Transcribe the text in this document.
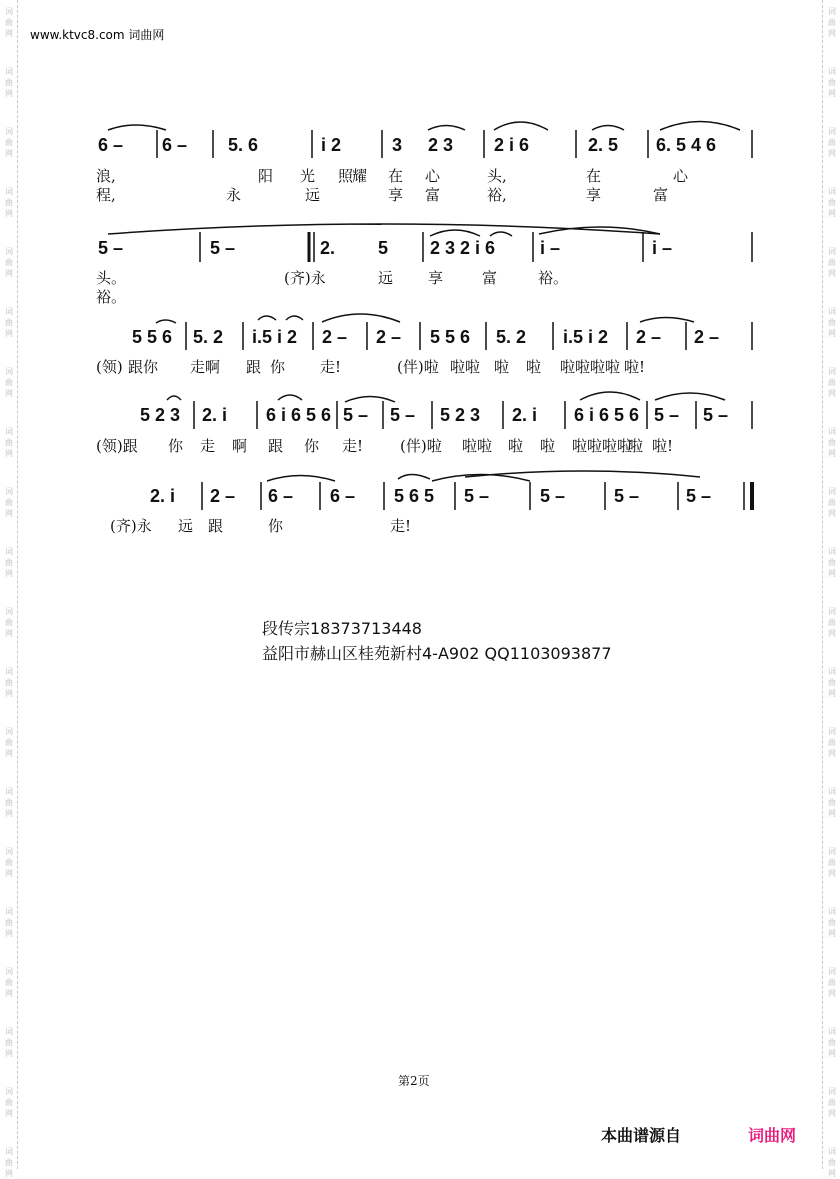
词
曲
网
词
曲
网
词
曲
网
词
曲
网
词
曲
网
词
曲
网
词
曲
网
词
曲
网
词
曲
网
词
曲
网
词
曲
网
词
曲
网
词
曲
网
词
曲
网
词
曲
网
词
曲
网
词
曲
网
词
曲
网
词
曲
网
词
曲
网
词
曲
网
词
曲
网
词
曲
网
词
曲
网
词
曲
网
词
曲
网
词
曲
网
词
曲
网
词
曲
网
词
曲
网
词
曲
网
词
曲
网
词
曲
网
词
曲
网
词
曲
网
词
曲
网
词
曲
网
词
曲
网
词
曲
网
词
曲
网
www.ktvc8.com 词曲网
6 – 6 – 5. 6	i 2	3 2 3 2 i 6	2. 5 6. 5 4 6
浪,	阳 光 照
耀 在 心	头,	在	心
程,	永	远	享 富	裕,	享	富
5 –	5 –	2. 5 2 3 2 i 6 i –	i –
头。	(齐)永	远 享	富	裕。
裕。
5 5 6 5. 2 i.5 i 2 2 – 2 – 5 5 6 5. 2 i.5 i 2 2 – 2 –
(领) 跟你 走啊 跟 你 走!	(伴)啦 啦啦 啦 啦 啦啦啦啦 啦!
5 2 3 2. i 6 i 6 5 6 5 – 5 – 5 2 3 2. i 6 i 6 5 6 5 – 5 –
(领)跟 你 走 啊 跟 你 走! (伴)啦 啦啦 啦 啦 啦啦啦啦
啦 啦!
2. i 2 – 6 – 6 – 5 6 5 5 –	5 –	5 –	5 –
(齐)永 远 跟	你	走!
段传宗18373713448
益阳市赫山区桂苑新村4-A902 QQ1103093877
第2页
本曲谱源自	词曲网
